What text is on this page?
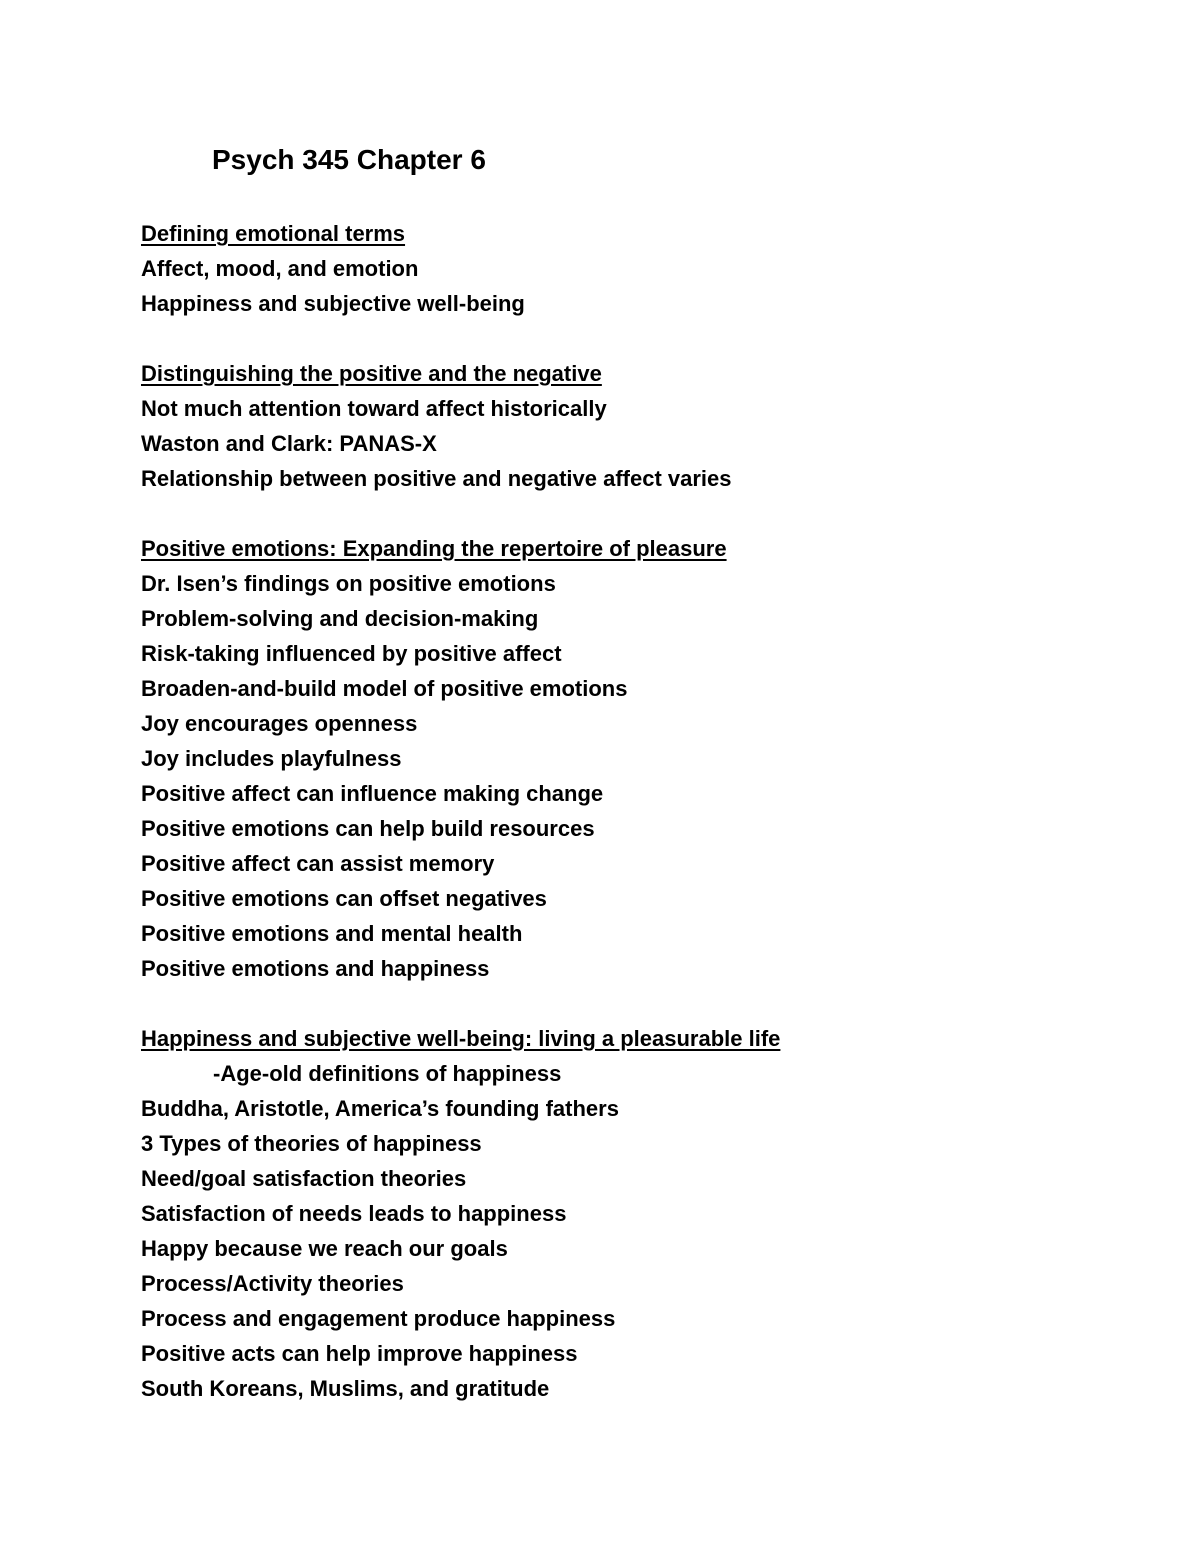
Psych 345 Chapter 6
Defining emotional terms
Affect, mood, and emotion
Happiness and subjective well-being
Distinguishing the positive and the negative
Not much attention toward affect historically
Waston and Clark: PANAS-X
Relationship between positive and negative affect varies
Positive emotions: Expanding the repertoire of pleasure
Dr. Isen’s findings on positive emotions
Problem-solving and decision-making
Risk-taking influenced by positive affect
Broaden-and-build model of positive emotions
Joy encourages openness
Joy includes playfulness
Positive affect can influence making change
Positive emotions can help build resources
Positive affect can assist memory
Positive emotions can offset negatives
Positive emotions and mental health
Positive emotions and happiness
Happiness and subjective well-being: living a pleasurable life
-Age-old definitions of happiness
Buddha, Aristotle, America’s founding fathers
3 Types of theories of happiness
Need/goal satisfaction theories
Satisfaction of needs leads to happiness
Happy because we reach our goals
Process/Activity theories
Process and engagement produce happiness
Positive acts can help improve happiness
South Koreans, Muslims, and gratitude
